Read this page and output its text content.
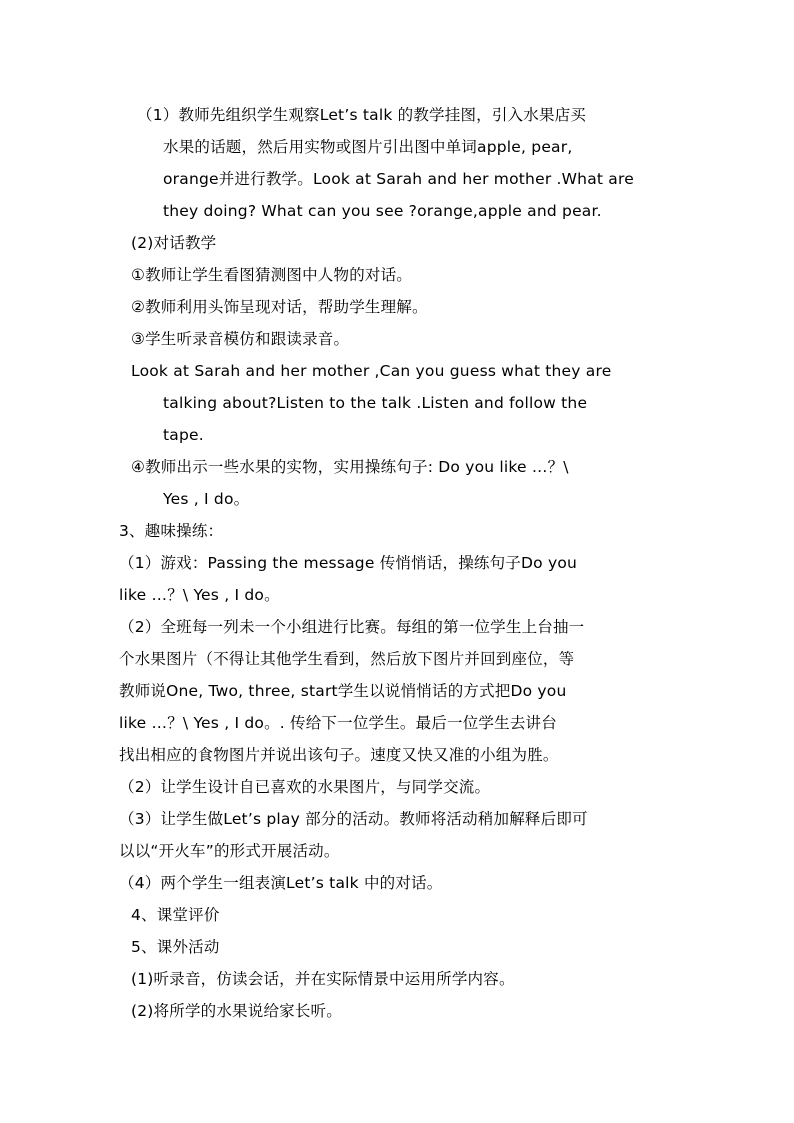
（1）教师先组织学生观察Let’s talk 的教学挂图，引入水果店买
水果的话题，然后用实物或图片引出图中单词apple, pear,
orange并进行教学。Look at Sarah and her mother .What are
they doing? What can you see ?orange,apple and pear.
(2)对话教学
①教师让学生看图猜测图中人物的对话。
②教师利用头饰呈现对话，帮助学生理解。
③学生听录音模仿和跟读录音。
Look at Sarah and her mother ,Can you guess what they are
talking about?Listen to the talk .Listen and follow the
tape.
④教师出示一些水果的实物，实用操练句子: Do you like …？\
Yes , I do。
3、趣味操练：
（1）游戏：Passing the message 传悄悄话，操练句子Do you
like …？\ Yes , I do。
（2）全班每一列未一个小组进行比赛。每组的第一位学生上台抽一
个水果图片（不得让其他学生看到，然后放下图片并回到座位，等
教师说One, Two, three, start学生以说悄悄话的方式把Do you
like …？\ Yes , I do。. 传给下一位学生。最后一位学生去讲台
找出相应的食物图片并说出该句子。速度又快又准的小组为胜。
（2）让学生设计自已喜欢的水果图片，与同学交流。
（3）让学生做Let’s play 部分的活动。教师将活动稍加解释后即可
以以“开火车”的形式开展活动。
（4）两个学生一组表演Let’s talk 中的对话。
4、课堂评价
5、课外活动
(1)听录音，仿读会话，并在实际情景中运用所学内容。
(2)将所学的水果说给家长听。
